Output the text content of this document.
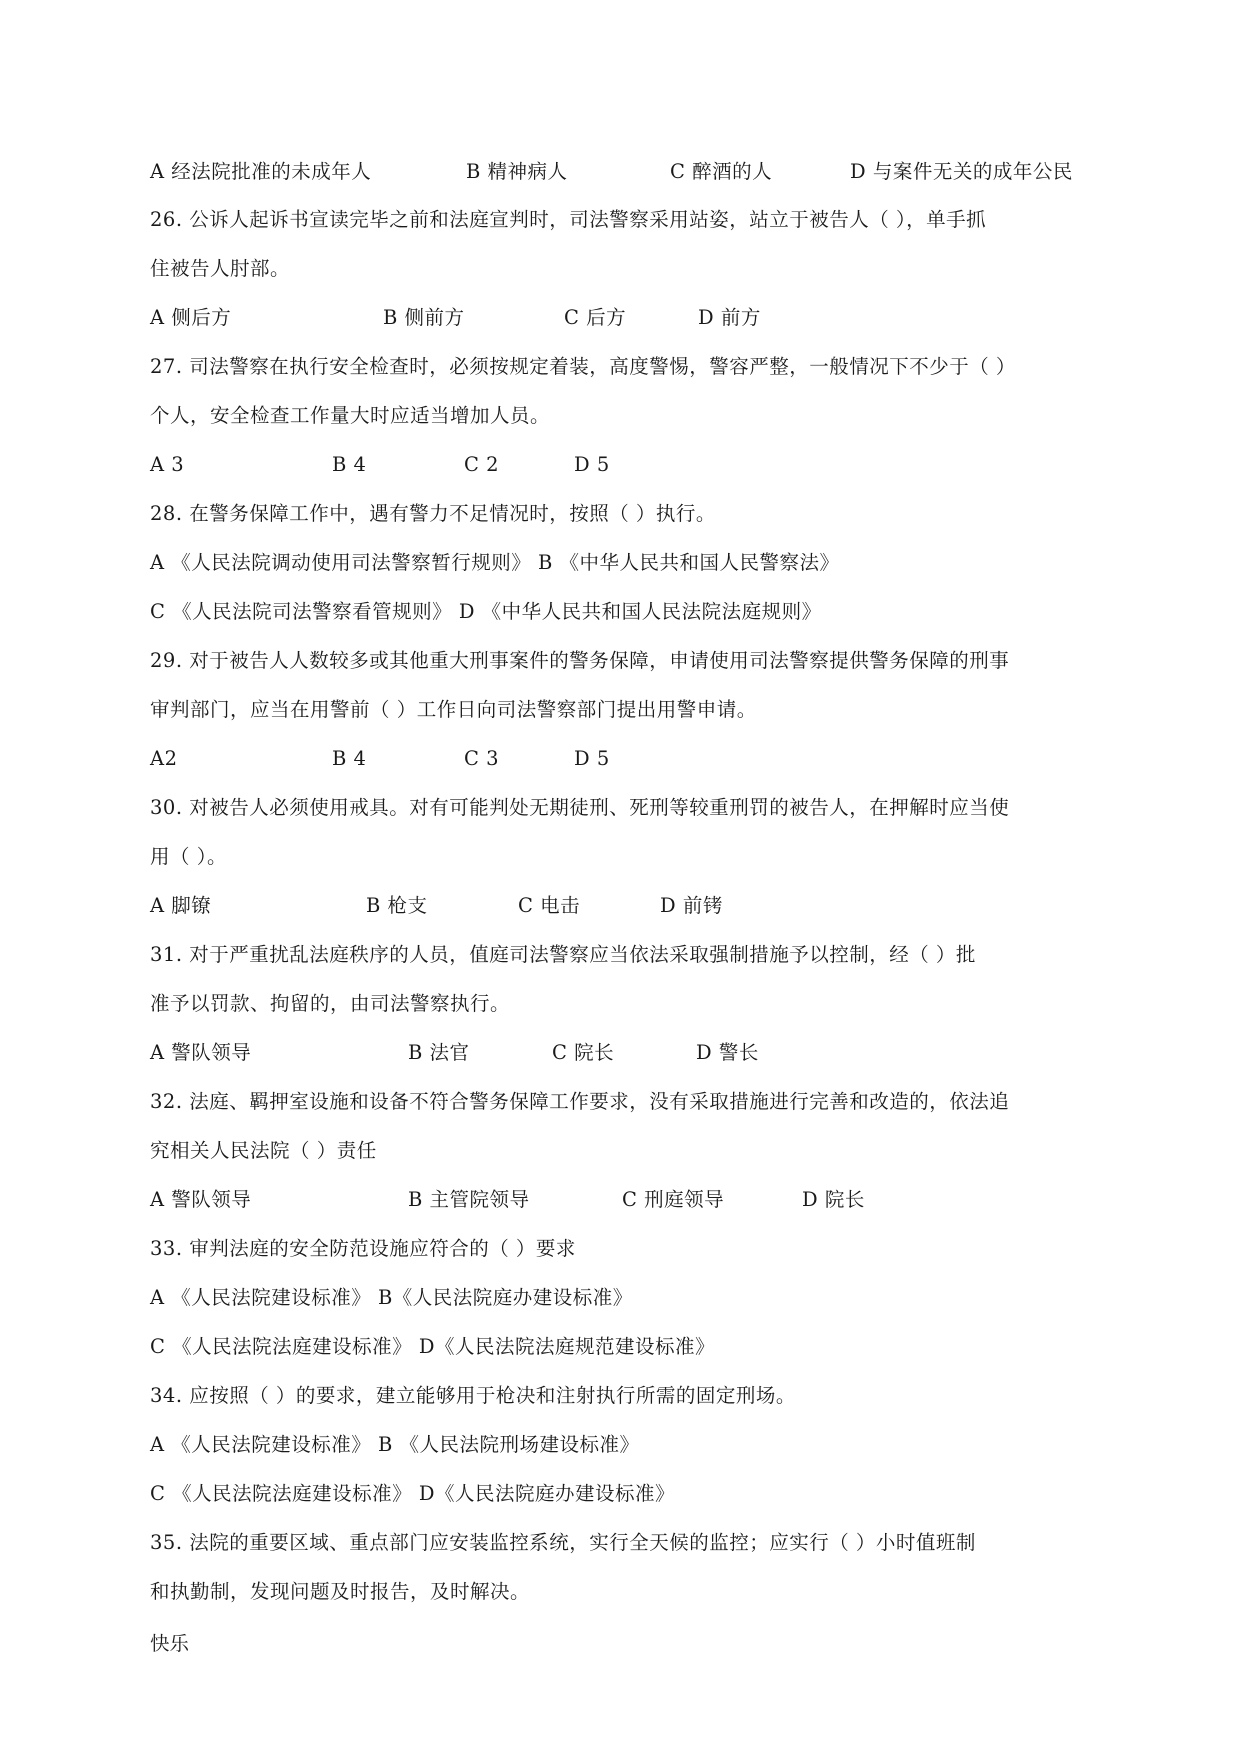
A 经法院批准的未成年人	B 精神病人	C 醉酒的人	D 与案件无关的成年公民
26. 公诉人起诉书宣读完毕之前和法庭宣判时，司法警察采用站姿，站立于被告人（ ），单手抓
住被告人肘部。
A 侧后方	B 侧前方	C 后方	D 前方
27. 司法警察在执行安全检查时，必须按规定着装，高度警惕，警容严整，一般情况下不少于（ ）
个人，安全检查工作量大时应适当增加人员。
A 3	B 4	C 2	D 5
28. 在警务保障工作中，遇有警力不足情况时，按照（ ）执行。
A 《人民法院调动使用司法警察暂行规则》 B 《中华人民共和国人民警察法》
C 《人民法院司法警察看管规则》 D 《中华人民共和国人民法院法庭规则》
29. 对于被告人人数较多或其他重大刑事案件的警务保障，申请使用司法警察提供警务保障的刑事
审判部门，应当在用警前（ ）工作日向司法警察部门提出用警申请。
A2	B 4	C 3	D 5
30. 对被告人必须使用戒具。对有可能判处无期徒刑、死刑等较重刑罚的被告人，在押解时应当使
用（ ）。
A 脚镣	B 枪支	C 电击	D 前铐
31. 对于严重扰乱法庭秩序的人员，值庭司法警察应当依法采取强制措施予以控制，经（ ）批
准予以罚款、拘留的，由司法警察执行。
A 警队领导	B 法官	C 院长	D 警长
32. 法庭、羁押室设施和设备不符合警务保障工作要求，没有采取措施进行完善和改造的，依法追
究相关人民法院（ ）责任
A 警队领导	B 主管院领导	C 刑庭领导	D 院长
33. 审判法庭的安全防范设施应符合的（ ）要求
A 《人民法院建设标准》 B《人民法院庭办建设标准》
C 《人民法院法庭建设标准》 D《人民法院法庭规范建设标准》
34. 应按照（ ）的要求，建立能够用于枪决和注射执行所需的固定刑场。
A 《人民法院建设标准》 B 《人民法院刑场建设标准》
C 《人民法院法庭建设标准》 D《人民法院庭办建设标准》
35. 法院的重要区域、重点部门应安装监控系统，实行全天候的监控；应实行（ ）小时值班制
和执勤制，发现问题及时报告，及时解决。
快乐
